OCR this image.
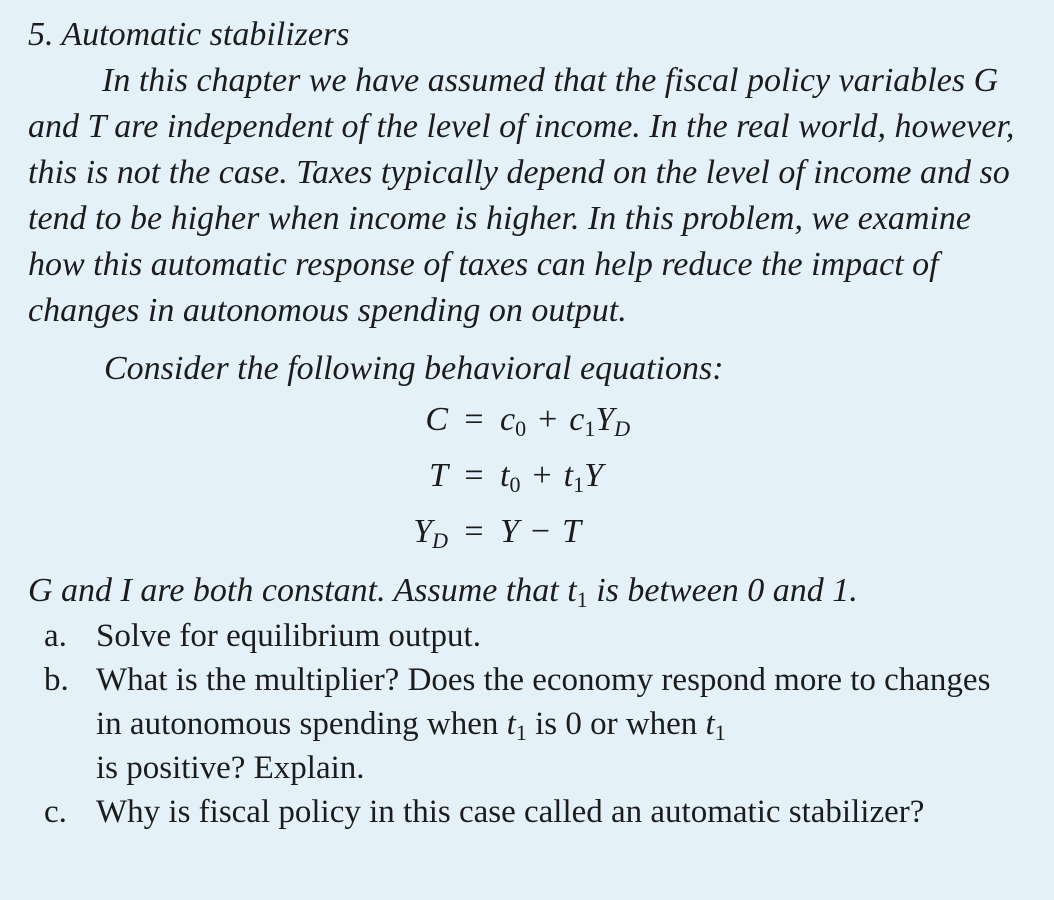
5. Automatic stabilizers

In this chapter we have assumed that the fiscal policy variables G and T are independent of the level of income. In the real world, however, this is not the case. Taxes typically depend on the level of income and so tend to be higher when income is higher. In this problem, we examine how this automatic response of taxes can help reduce the impact of changes in autonomous spending on output.

Consider the following behavioral equations:

$C = c_0 + c_1Y_D$
$T = t_0 + t_1Y$
$Y_D = Y - T$

G and I are both constant. Assume that t1 is between 0 and 1.

a. Solve for equilibrium output.
b. What is the multiplier? Does the economy respond more to changes in autonomous spending when t1 is 0 or when t1
is positive? Explain.
c. Why is fiscal policy in this case called an automatic stabilizer?
